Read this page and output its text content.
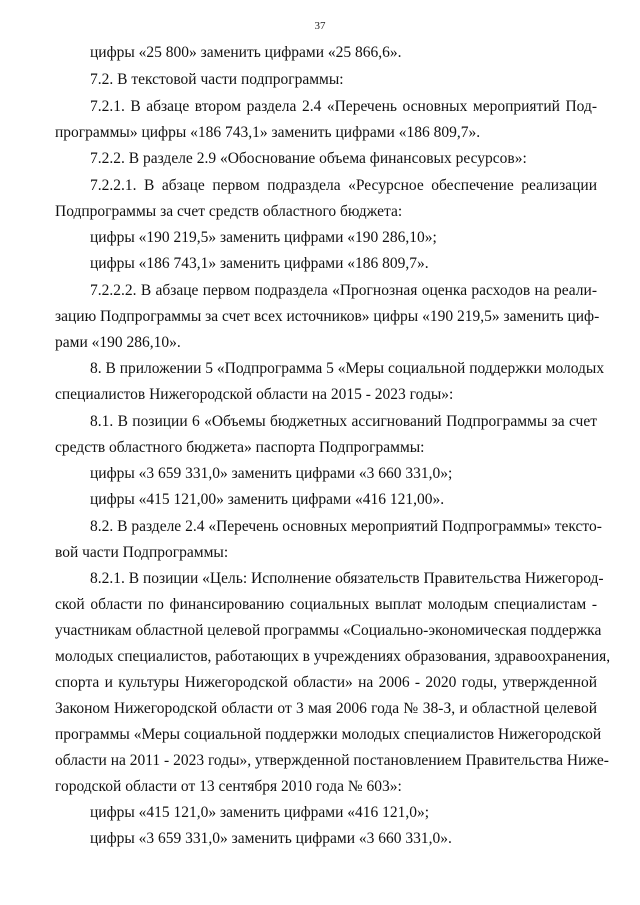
37
цифры «25 800» заменить цифрами «25 866,6».
7.2. В текстовой части подпрограммы:
7.2.1. В абзаце втором раздела 2.4 «Перечень основных мероприятий Под-
программы» цифры «186 743,1» заменить цифрами «186 809,7».
7.2.2. В разделе 2.9 «Обоснование объема финансовых ресурсов»:
7.2.2.1. В абзаце первом подраздела «Ресурсное обеспечение реализации
Подпрограммы за счет средств областного бюджета:
цифры «190 219,5» заменить цифрами «190 286,10»;
цифры «186 743,1» заменить цифрами «186 809,7».
7.2.2.2. В абзаце первом подраздела «Прогнозная оценка расходов на реали-
зацию Подпрограммы за счет всех источников» цифры «190 219,5» заменить циф-
рами «190 286,10».
8. В приложении 5 «Подпрограмма 5 «Меры социальной поддержки молодых
специалистов Нижегородской области на 2015 - 2023 годы»:
8.1. В позиции 6 «Объемы бюджетных ассигнований Подпрограммы за счет
средств областного бюджета» паспорта Подпрограммы:
цифры «3 659 331,0» заменить цифрами «3 660 331,0»;
цифры «415 121,00» заменить цифрами «416 121,00».
8.2. В разделе 2.4 «Перечень основных мероприятий Подпрограммы» тексто-
вой части Подпрограммы:
8.2.1. В позиции «Цель: Исполнение обязательств Правительства Нижегород-
ской области по финансированию социальных выплат молодым специалистам -
участникам областной целевой программы «Социально-экономическая поддержка
молодых специалистов, работающих в учреждениях образования, здравоохранения,
спорта и культуры Нижегородской области» на 2006 - 2020 годы, утвержденной
Законом Нижегородской области от 3 мая 2006 года № 38-З, и областной целевой
программы «Меры социальной поддержки молодых специалистов Нижегородской
области на 2011 - 2023 годы», утвержденной постановлением Правительства Ниже-
городской области от 13 сентября 2010 года № 603»:
цифры «415 121,0» заменить цифрами «416 121,0»;
цифры «3 659 331,0» заменить цифрами «3 660 331,0».
